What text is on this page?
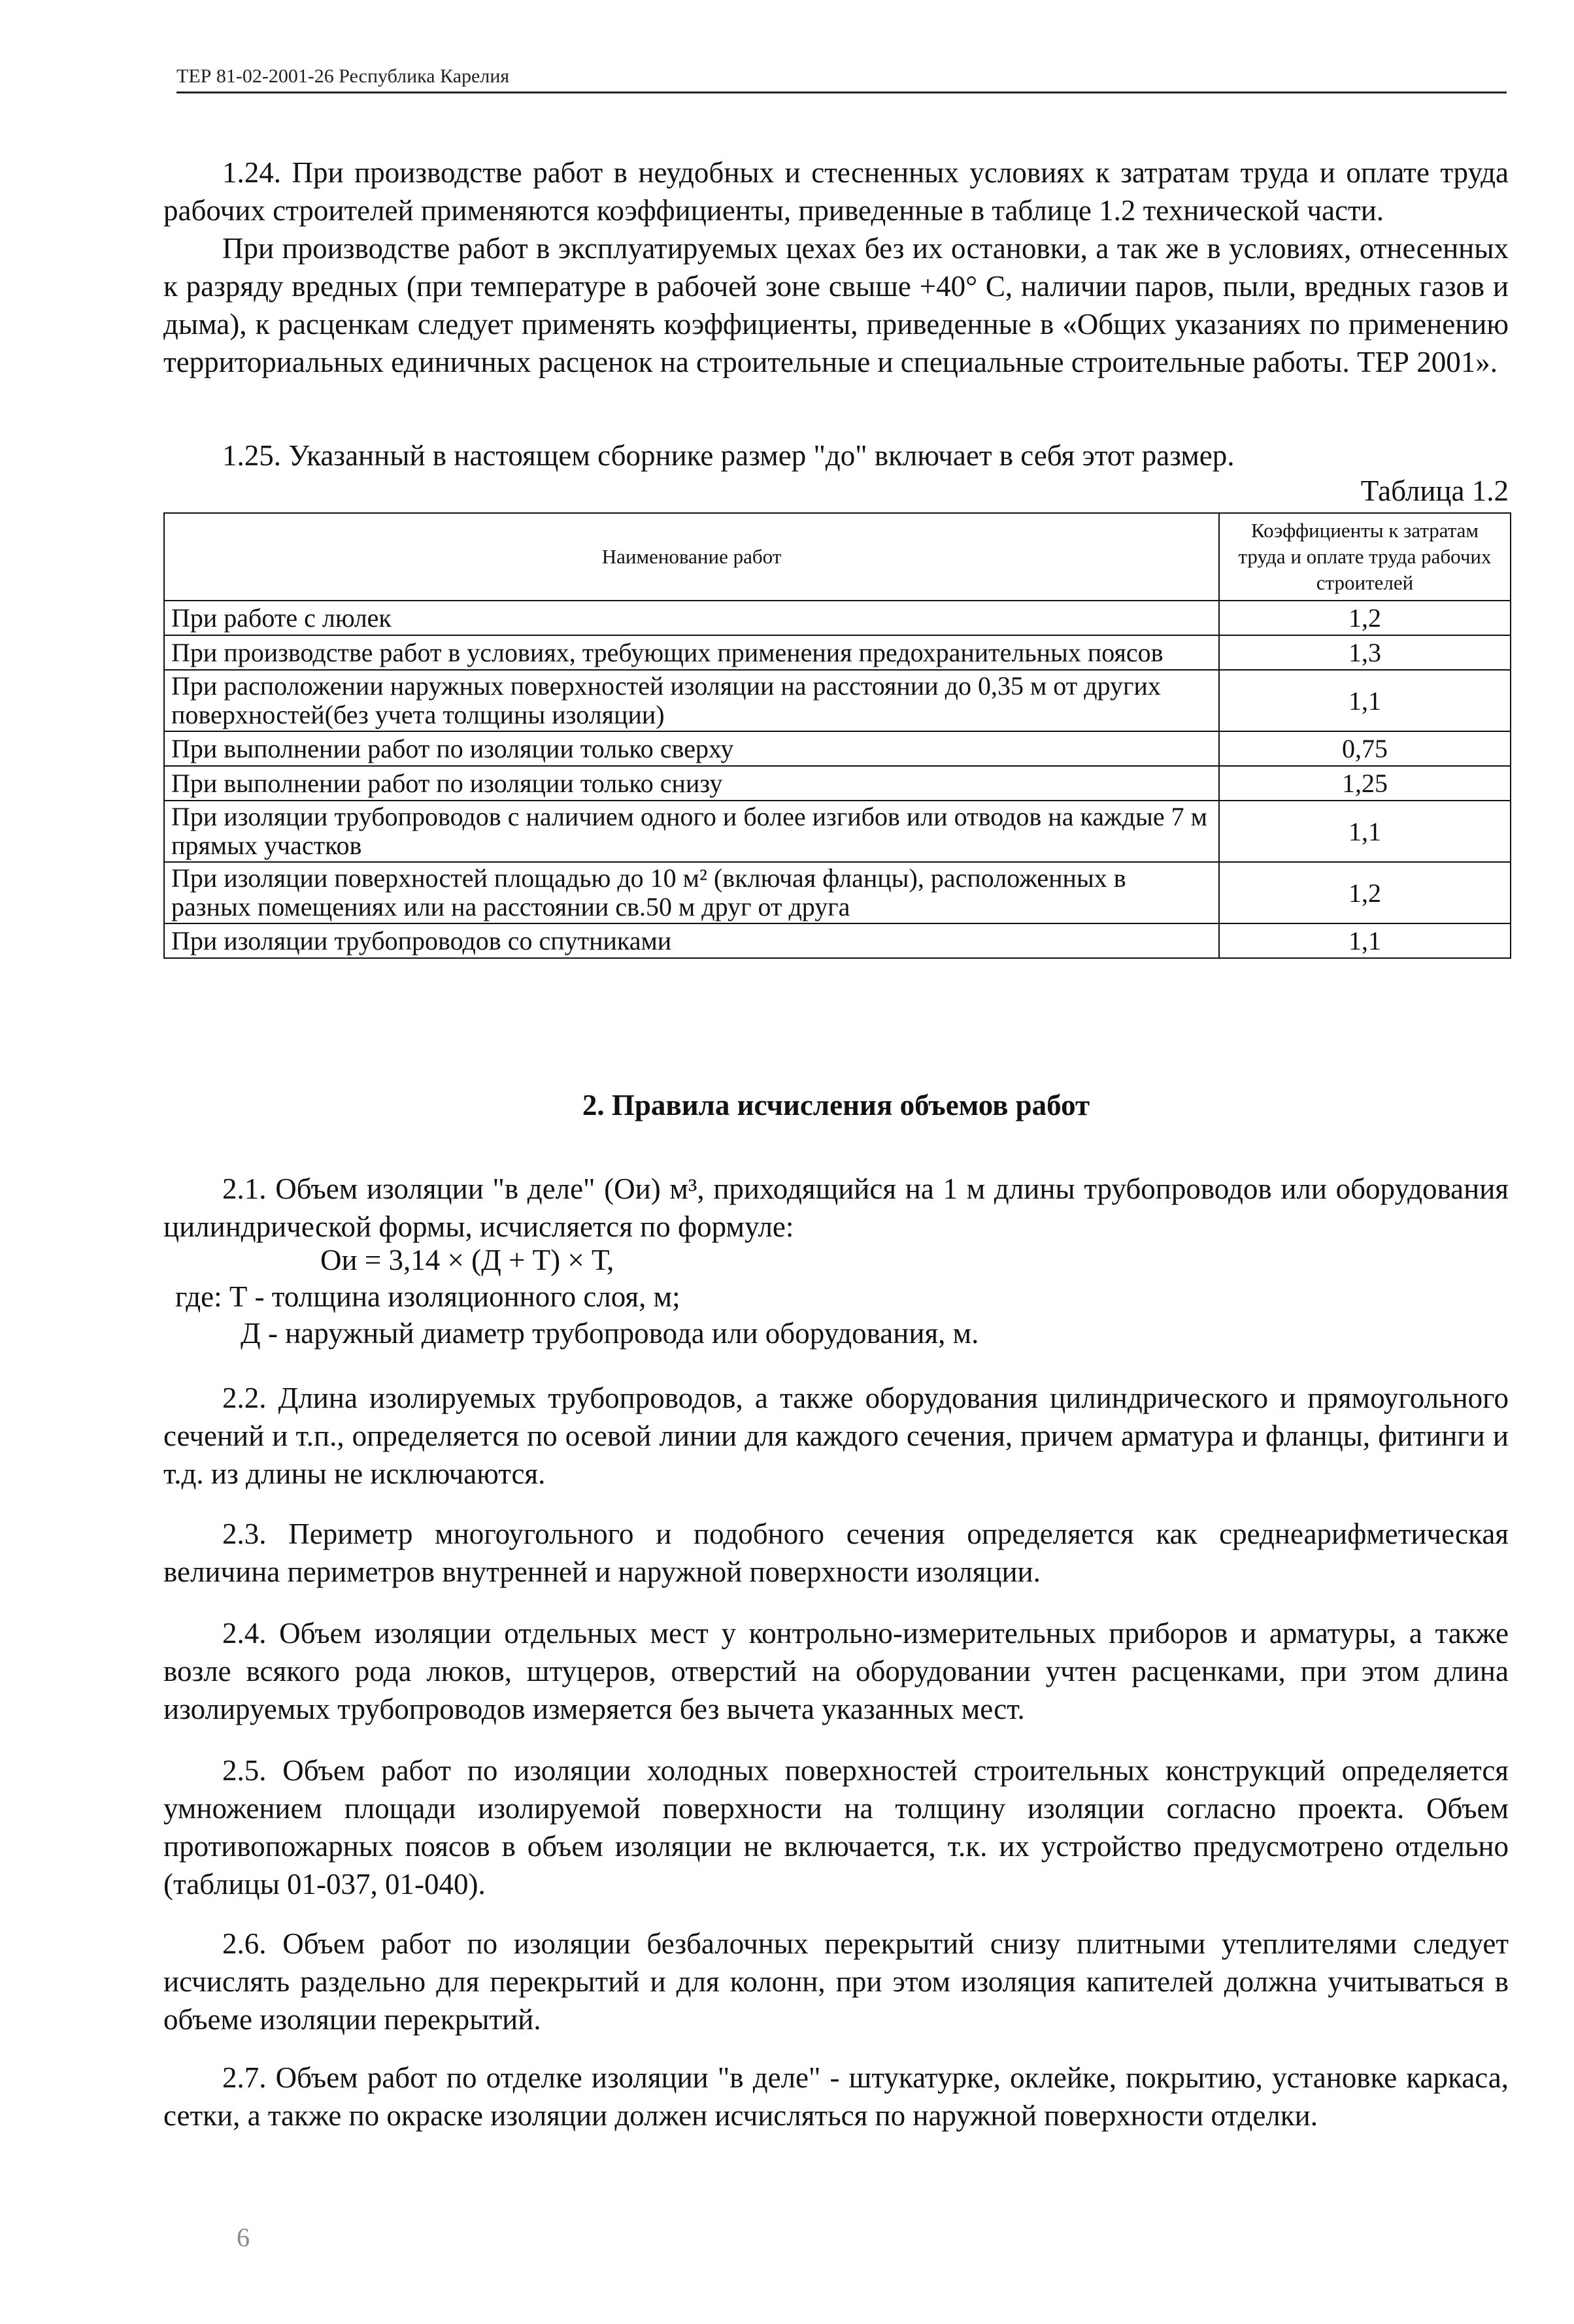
ТЕР 81-02-2001-26 Республика Карелия

1.24. При производстве работ в неудобных и стесненных условиях к затратам труда и оплате труда рабочих строителей применяются коэффициенты, приведенные в таблице 1.2 технической части.

При производстве работ в эксплуатируемых цехах без их остановки, а так же в условиях, отнесенных к разряду вредных (при температуре в рабочей зоне свыше +40° С, наличии паров, пыли, вредных газов и дыма), к расценкам следует применять коэффициенты, приведенные в «Общих указаниях по применению территориальных единичных расценок на строительные и специальные строительные работы. ТЕР 2001».

1.25. Указанный в настоящем сборнике размер "до" включает в себя этот размер.

Таблица 1.2
Наименование работ	Коэффициенты к затратам труда и оплате труда рабочих строителей
При работе с люлек	1,2
При производстве работ в условиях, требующих применения предохранительных поясов	1,3
При расположении наружных поверхностей изоляции на расстоянии до 0,35 м от других поверхностей(без учета толщины изоляции)	1,1
При выполнении работ по изоляции только сверху	0,75
При выполнении работ по изоляции только снизу	1,25
При изоляции трубопроводов с наличием одного и более изгибов или отводов на каждые 7 м прямых участков	1,1
При изоляции поверхностей площадью до 10 м² (включая фланцы), расположенных в разных помещениях или на расстоянии св.50 м друг от друга	1,2
При изоляции трубопроводов со спутниками	1,1
2. Правила исчисления объемов работ

2.1. Объем изоляции "в деле" (Ои) м³, приходящийся на 1 м длины трубопроводов или оборудования цилиндрической формы, исчисляется по формуле:

Ои = 3,14 × (Д + Т) × Т,

где: Т - толщина изоляционного слоя, м;

Д - наружный диаметр трубопровода или оборудования, м.

2.2. Длина изолируемых трубопроводов, а также оборудования цилиндрического и прямоугольного сечений и т.п., определяется по осевой линии для каждого сечения, причем арматура и фланцы, фитинги и т.д. из длины не исключаются.

2.3. Периметр многоугольного и подобного сечения определяется как среднеарифметическая величина периметров внутренней и наружной поверхности изоляции.

2.4. Объем изоляции отдельных мест у контрольно-измерительных приборов и арматуры, а также возле всякого рода люков, штуцеров, отверстий на оборудовании учтен расценками, при этом длина изолируемых трубопроводов измеряется без вычета указанных мест.

2.5. Объем работ по изоляции холодных поверхностей строительных конструкций определяется умножением площади изолируемой поверхности на толщину изоляции согласно проекта. Объем противопожарных поясов в объем изоляции не включается, т.к. их устройство предусмотрено отдельно (таблицы 01-037, 01-040).

2.6. Объем работ по изоляции безбалочных перекрытий снизу плитными утеплителями следует исчислять раздельно для перекрытий и для колонн, при этом изоляция капителей должна учитываться в объеме изоляции перекрытий.

2.7. Объем работ по отделке изоляции "в деле" - штукатурке, оклейке, покрытию, установке каркаса, сетки, а также по окраске изоляции должен исчисляться по наружной поверхности отделки.

6
